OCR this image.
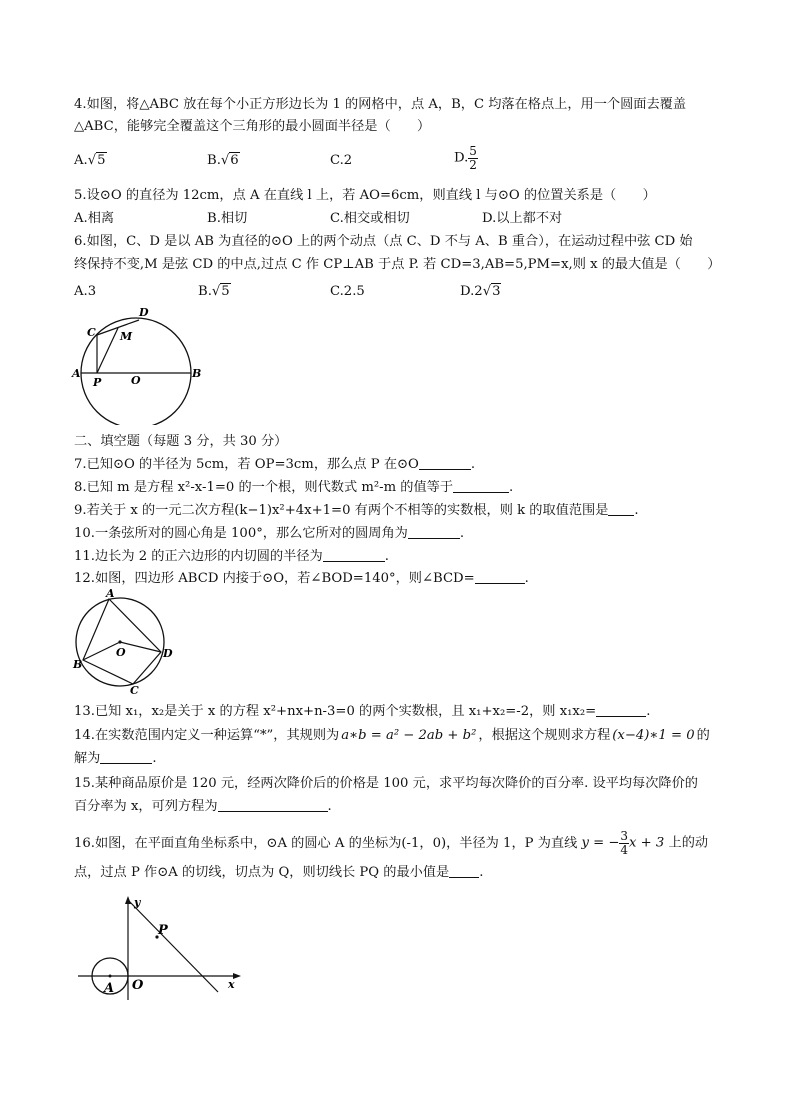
4.如图，将△ABC 放在每个小正方形边长为 1 的网格中，点 A，B，C 均落在格点上，用一个圆面去覆盖
△ABC，能够完全覆盖这个三角形的最小圆面半径是（　　）
A.√5	B.√6	C.2	D. $\frac{5}{2}$
5.设⊙O 的直径为 12cm，点 A 在直线 l 上，若 AO=6cm，则直线 l 与⊙O 的位置关系是（　　）
A.相离	B.相切	C.相交或相切	D.以上都不对
6.如图，C、D 是以 AB 为直径的⊙O 上的两个动点（点 C、D 不与 A、B 重合），在运动过程中弦 CD 始
终保持不变,M 是弦 CD 的中点,过点 C 作 CP⊥AB 于点 P. 若 CD=3,AB=5,PM=x,则 x 的最大值是（　　）
A.3	B.√5	C.2.5	D.2√3
C
D
M
A
P	O
B
二、填空题（每题 3 分，共 30 分）
7.已知⊙O 的半径为 5cm，若 OP=3cm，那么点 P 在⊙O	.
8.已知 m 是方程 x²-x-1=0 的一个根，则代数式 m²-m 的值等于	.
9.若关于 x 的一元二次方程(k−1)x²+4x+1=0 有两个不相等的实数根，则 k 的取值范围是 .
10.一条弦所对的圆心角是 100°，那么它所对的圆周角为	.
11.边长为 2 的正六边形的内切圆的半径为	.
12.如图，四边形 ABCD 内接于⊙O，若∠BOD=140°，则∠BCD=	.
A
B
C
D
O
13.已知 x₁，x₂是关于 x 的方程 x²+nx+n-3=0 的两个实数根，且 x₁+x₂=-2，则 x₁x₂=	.
14.在实数范围内定义一种运算“*”，其规则为 a∗b = a² − 2ab + b² ，根据这个规则求方程 (x−4)∗1 = 0 的
解为	.
15.某种商品原价是 120 元，经两次降价后的价格是 100 元，求平均每次降价的百分率. 设平均每次降价的
百分率为 x，可列方程为	.
16.如图，在平面直角坐标系中，⊙A 的圆心 A 的坐标为(-1，0)，半径为 1，P 为直线 y = − $\frac{3}{4}$ x + 3 上的动
点，过点 P 作⊙A 的切线，切点为 Q，则切线长 PQ 的最小值是 .
y
x
P
A O
